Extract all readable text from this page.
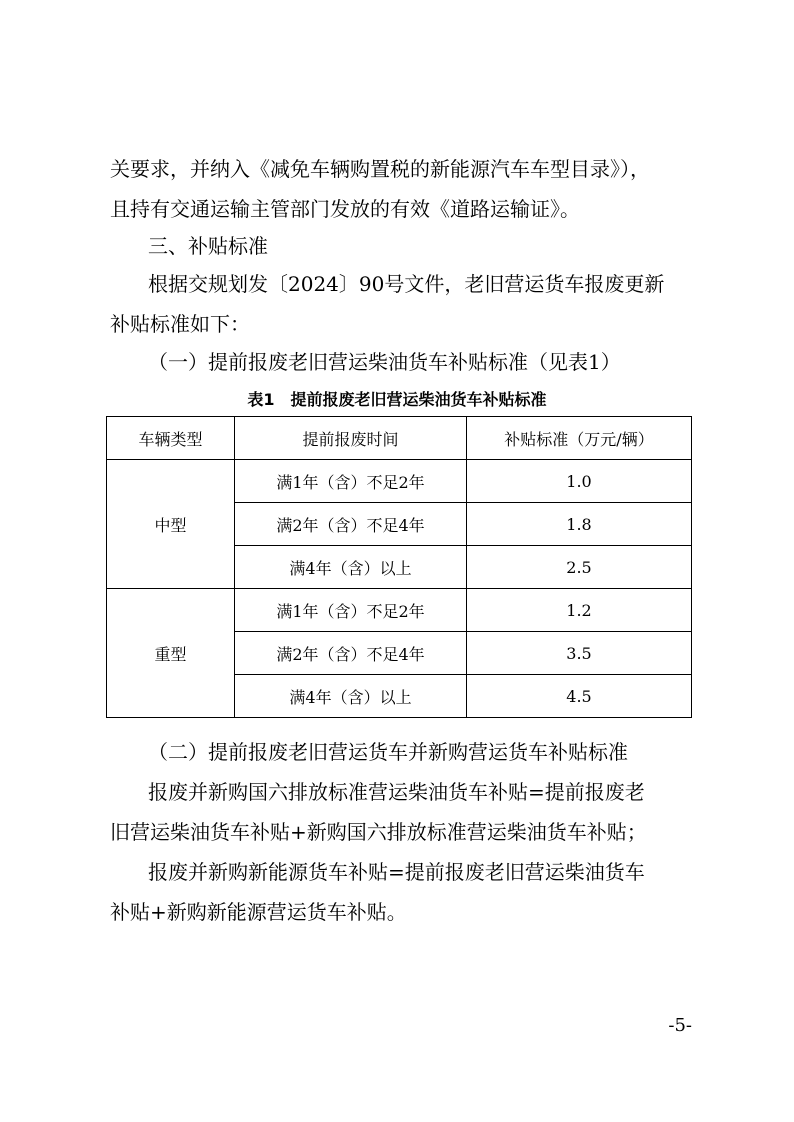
关要求，并纳入《减免车辆购置税的新能源汽车车型目录》），
且持有交通运输主管部门发放的有效《道路运输证》。
三、补贴标准
根据交规划发〔2024〕90号文件，老旧营运货车报废更新
补贴标准如下：
（一）提前报废老旧营运柴油货车补贴标准（见表1）
表1　提前报废老旧营运柴油货车补贴标准
车辆类型	提前报废时间	补贴标准（万元/辆）
中型	满1年（含）不足2年	1.0
	满2年（含）不足4年	1.8
	满4年（含）以上	2.5
重型	满1年（含）不足2年	1.2
	满2年（含）不足4年	3.5
	满4年（含）以上	4.5
（二）提前报废老旧营运货车并新购营运货车补贴标准
报废并新购国六排放标准营运柴油货车补贴=提前报废老
旧营运柴油货车补贴+新购国六排放标准营运柴油货车补贴；
报废并新购新能源货车补贴=提前报废老旧营运柴油货车
补贴+新购新能源营运货车补贴。
-5-
